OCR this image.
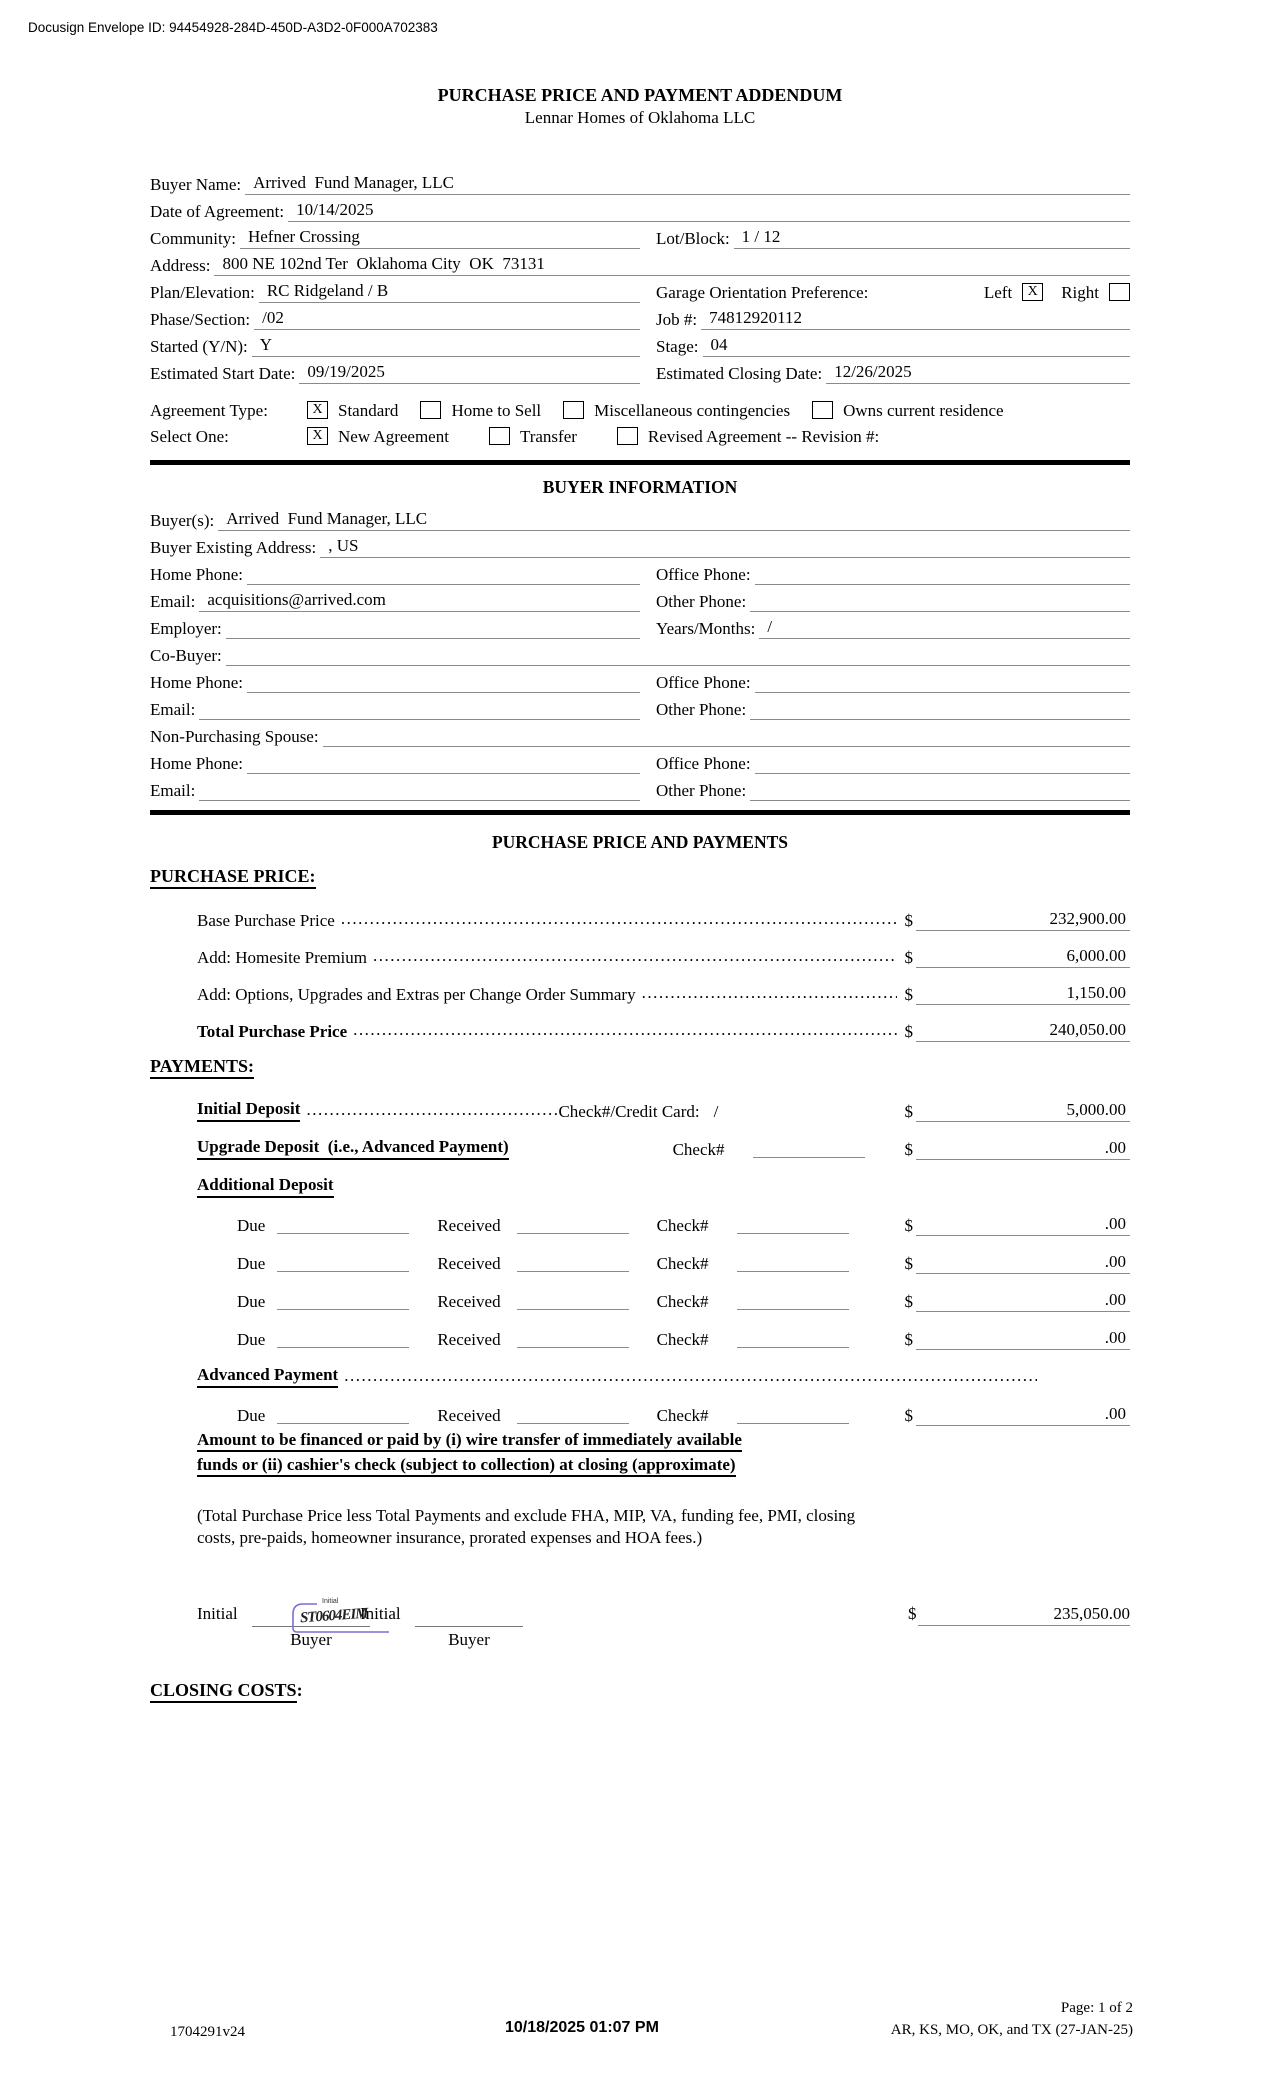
Docusign Envelope ID: 94454928-284D-450D-A3D2-0F000A702383
PURCHASE PRICE AND PAYMENT ADDENDUM
Lennar Homes of Oklahoma LLC
Buyer Name: Arrived  Fund Manager, LLC
Date of Agreement: 10/14/2025
Community: Hefner Crossing	Lot/Block: 1 / 12
Address: 800 NE 102nd Ter  Oklahoma City  OK  73131
Plan/Elevation: RC Ridgeland / B	Garage Orientation Preference:	Left	X	Right
Phase/Section: /02	Job #: 74812920112
Started (Y/N): Y	Stage: 04
Estimated Start Date: 09/19/2025	Estimated Closing Date: 12/26/2025
Agreement Type:	X Standard	Home to Sell	Miscellaneous contingencies	Owns current residence
Select One:	X New Agreement	Transfer	Revised Agreement -- Revision #:
BUYER INFORMATION
Buyer(s): Arrived  Fund Manager, LLC
Buyer Existing Address: , US
Home Phone:	Office Phone:
Email: acquisitions@arrived.com	Other Phone:
Employer:	Years/Months: /
Co-Buyer:
Home Phone:	Office Phone:
Email:	Other Phone:
Non-Purchasing Spouse:
Home Phone:	Office Phone:
Email:	Other Phone:
PURCHASE PRICE AND PAYMENTS
PURCHASE PRICE:
Base Purchase Price .....	$	232,900.00
Add: Homesite Premium .....	$	6,000.00
Add: Options, Upgrades and Extras per Change Order Summary .....	$	1,150.00
Total Purchase Price .....	$	240,050.00
PAYMENTS:
Initial Deposit .....	Check#/Credit Card: /	$	5,000.00
Upgrade Deposit  (i.e., Advanced Payment)	Check#	$	.00
Additional Deposit
Due	Received	Check#	$	.00
Due	Received	Check#	$	.00
Due	Received	Check#	$	.00
Due	Received	Check#	$	.00
Advanced Payment
.....
Due	Received	Check#	$	.00
Amount to be financed or paid by (i) wire transfer of immediately available
funds or (ii) cashier's check (subject to collection) at closing (approximate)
(Total Purchase Price less Total Payments and exclude FHA, MIP, VA, funding fee, PMI, closing costs, pre-paids, homeowner insurance, prorated expenses and HOA fees.)
Initial	Initial
Buyer	Buyer
Initial
ST0604EIM	$	235,050.00
CLOSING COSTS:
1704291v24	10/18/2025 01:07 PM
Page: 1 of 2
AR, KS, MO, OK, and TX (27-JAN-25)
